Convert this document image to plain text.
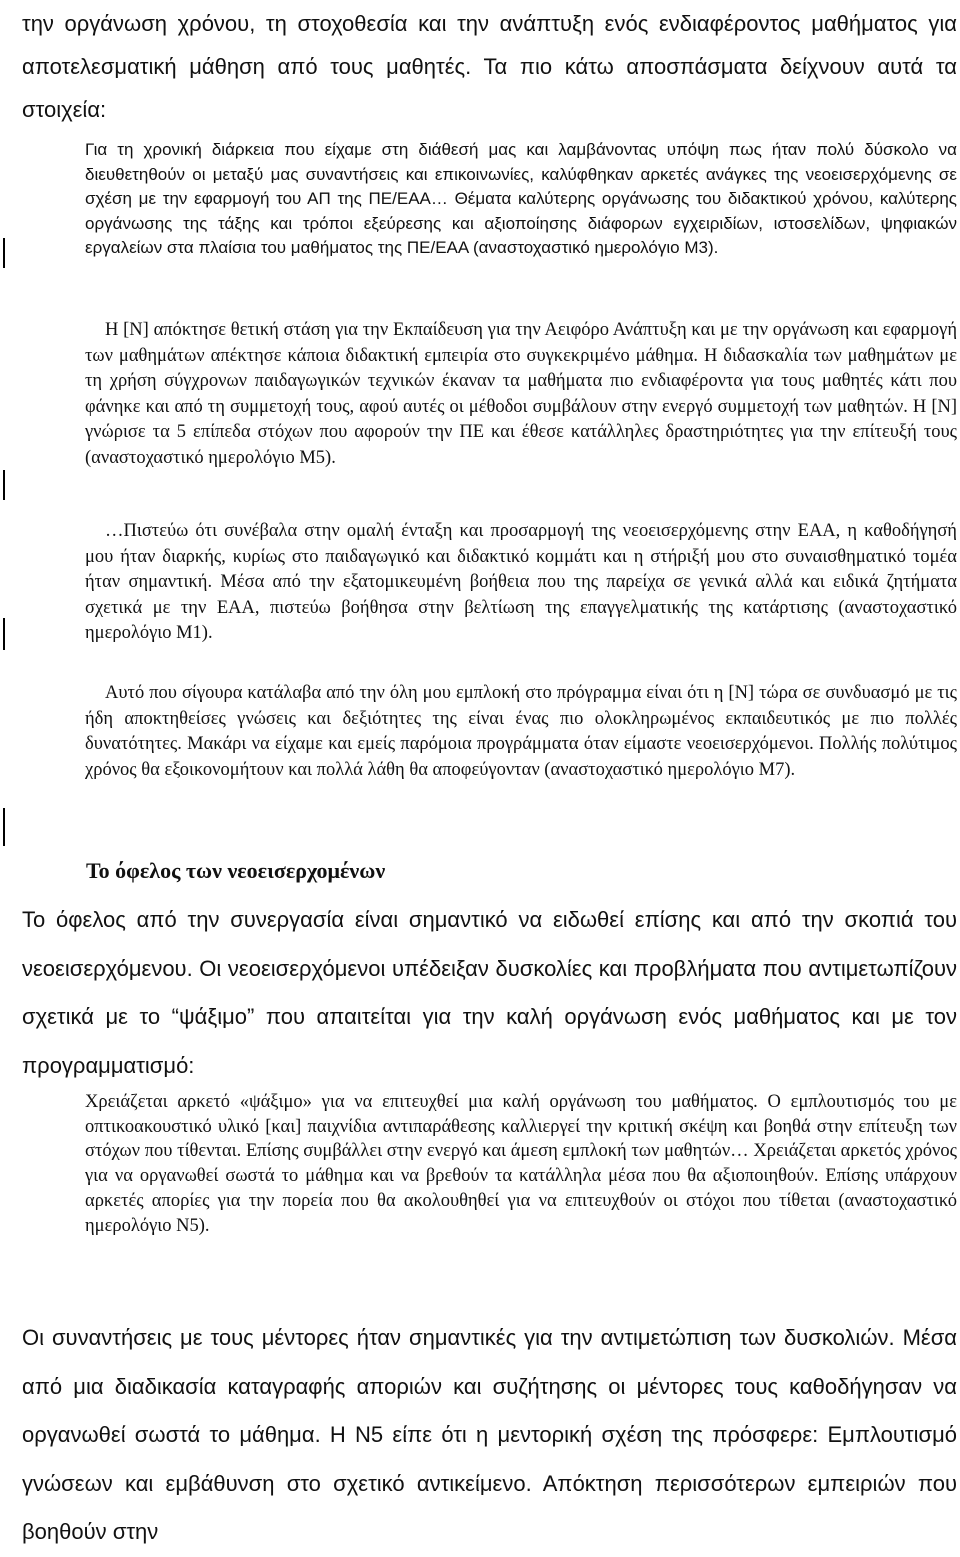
την οργάνωση χρόνου, τη στοχοθεσία και την ανάπτυξη ενός ενδιαφέροντος μαθήματος για αποτελεσματική μάθηση από τους μαθητές. Τα πιο κάτω αποσπάσματα δείχνουν αυτά τα στοιχεία:

Για τη χρονική διάρκεια που είχαμε στη διάθεσή μας και λαμβάνοντας υπόψη πως ήταν πολύ δύσκολο να διευθετηθούν οι μεταξύ μας συναντήσεις και επικοινωνίες, καλύφθηκαν αρκετές ανάγκες της νεοεισερχόμενης σε σχέση με την εφαρμογή του ΑΠ της ΠΕ/ΕΑΑ… Θέματα καλύτερης οργάνωσης του διδακτικού χρόνου, καλύτερης οργάνωσης της τάξης και τρόποι εξεύρεσης και αξιοποίησης διάφορων εγχειριδίων, ιστοσελίδων, ψηφιακών εργαλείων στα πλαίσια του μαθήματος της ΠΕ/ΕΑΑ (αναστοχαστικό ημερολόγιο Μ3).

Η [Ν] απόκτησε θετική στάση για την Εκπαίδευση για την Αειφόρο Ανάπτυξη και με την οργάνωση και εφαρμογή των μαθημάτων απέκτησε κάποια διδακτική εμπειρία στο συγκεκριμένο μάθημα. Η διδασκαλία των μαθημάτων με τη χρήση σύγχρονων παιδαγωγικών τεχνικών έκαναν τα μαθήματα πιο ενδιαφέροντα για τους μαθητές κάτι που φάνηκε και από τη συμμετοχή τους, αφού αυτές οι μέθοδοι συμβάλουν στην ενεργό συμμετοχή των μαθητών. Η [Ν] γνώρισε τα 5 επίπεδα στόχων που αφορούν την ΠΕ και έθεσε κατάλληλες δραστηριότητες για την επίτευξή τους (αναστοχαστικό ημερολόγιο Μ5).

…Πιστεύω ότι συνέβαλα στην ομαλή ένταξη και προσαρμογή της νεοεισερχόμενης στην ΕΑΑ, η καθοδήγησή μου ήταν διαρκής, κυρίως στο παιδαγωγικό και διδακτικό κομμάτι και η στήριξή μου στο συναισθηματικό τομέα ήταν σημαντική. Μέσα από την εξατομικευμένη βοήθεια που της παρείχα σε γενικά αλλά και ειδικά ζητήματα σχετικά με την ΕΑΑ, πιστεύω βοήθησα στην βελτίωση της επαγγελματικής της κατάρτισης (αναστοχαστικό ημερολόγιο Μ1).

Αυτό που σίγουρα κατάλαβα από την όλη μου εμπλοκή στο πρόγραμμα είναι ότι η [Ν] τώρα σε συνδυασμό με τις ήδη αποκτηθείσες γνώσεις και δεξιότητες της είναι ένας πιο ολοκληρωμένος εκπαιδευτικός με πιο πολλές δυνατότητες. Μακάρι να είχαμε και εμείς παρόμοια προγράμματα όταν είμαστε νεοεισερχόμενοι. Πολλής πολύτιμος χρόνος θα εξοικονομήτουν και πολλά λάθη θα αποφεύγονταν (αναστοχαστικό ημερολόγιο Μ7).

Το όφελος των νεοεισερχομένων

Το όφελος από την συνεργασία είναι σημαντικό να ειδωθεί επίσης και από την σκοπιά του νεοεισερχόμενου. Οι νεοεισερχόμενοι υπέδειξαν δυσκολίες και προβλήματα που αντιμετωπίζουν σχετικά με το “ψάξιμο” που απαιτείται για την καλή οργάνωση ενός μαθήματος και με τον προγραμματισμό:

Χρειάζεται αρκετό «ψάξιμο» για να επιτευχθεί μια καλή οργάνωση του μαθήματος. Ο εμπλουτισμός του με οπτικοακουστικό υλικό [και] παιχνίδια αντιπαράθεσης καλλιεργεί την κριτική σκέψη και βοηθά στην επίτευξη των στόχων που τίθενται. Επίσης συμβάλλει στην ενεργό και άμεση εμπλοκή των μαθητών… Χρειάζεται αρκετός χρόνος για να οργανωθεί σωστά το μάθημα και να βρεθούν τα κατάλληλα μέσα που θα αξιοποιηθούν. Επίσης υπάρχουν αρκετές απορίες για την πορεία που θα ακολουθηθεί για να επιτευχθούν οι στόχοι που τίθεται (αναστοχαστικό ημερολόγιο Ν5).

Οι συναντήσεις με τους μέντορες ήταν σημαντικές για την αντιμετώπιση των δυσκολιών. Μέσα από μια διαδικασία καταγραφής αποριών και συζήτησης οι μέντορες τους καθοδήγησαν να οργανωθεί σωστά το μάθημα. Η Ν5 είπε ότι η μεντορική σχέση της πρόσφερε: Εμπλουτισμό γνώσεων και εμβάθυνση στο σχετικό αντικείμενο. Απόκτηση περισσότερων εμπειριών που βοηθούν στην
